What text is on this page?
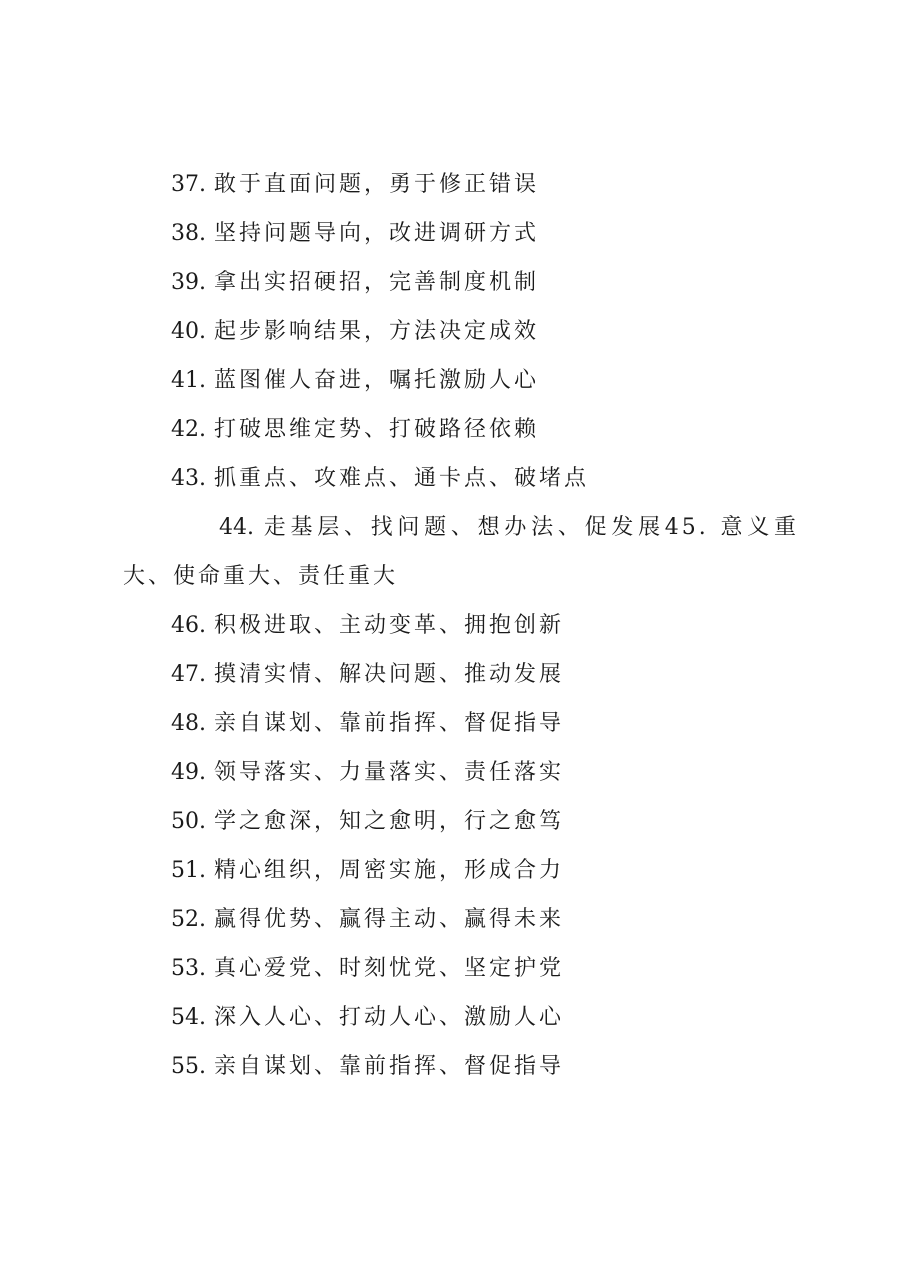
37. 敢于直面问题，勇于修正错误
38. 坚持问题导向，改进调研方式
39. 拿出实招硬招，完善制度机制
40. 起步影响结果，方法决定成效
41. 蓝图催人奋进，嘱托激励人心
42. 打破思维定势、打破路径依赖
43. 抓重点、攻难点、通卡点、破堵点
44. 走基层、找问题、想办法、促发展45. 意义重大、使命重大、责任重大
46. 积极进取、主动变革、拥抱创新
47. 摸清实情、解决问题、推动发展
48. 亲自谋划、靠前指挥、督促指导
49. 领导落实、力量落实、责任落实
50. 学之愈深，知之愈明，行之愈笃
51. 精心组织，周密实施，形成合力
52. 赢得优势、赢得主动、赢得未来
53. 真心爱党、时刻忧党、坚定护党
54. 深入人心、打动人心、激励人心
55. 亲自谋划、靠前指挥、督促指导
